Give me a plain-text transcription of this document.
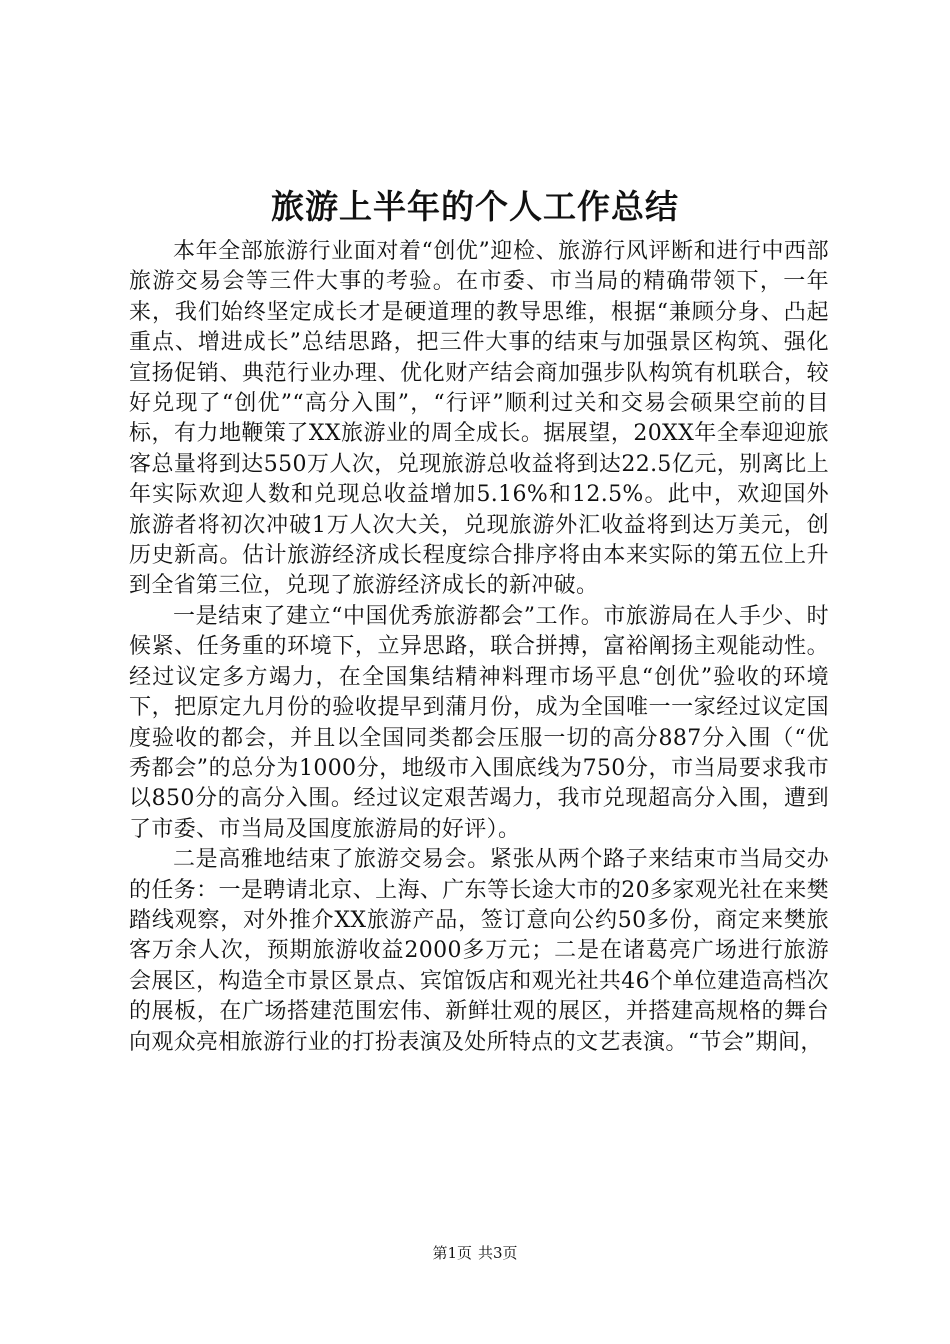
旅游上半年的个人工作总结

本年全部旅游行业面对着“创优”迎检、旅游行风评断和进行中西部旅游交易会等三件大事的考验。在市委、市当局的精确带领下，一年来，我们始终坚定成长才是硬道理的教导思维，根据“兼顾分身、凸起重点、增进成长”总结思路，把三件大事的结束与加强景区构筑、强化宣扬促销、典范行业办理、优化财产结会商加强步队构筑有机联合，较好兑现了“创优”“高分入围”，“行评”顺利过关和交易会硕果空前的目标，有力地鞭策了XX旅游业的周全成长。据展望，20XX年全奉迎迎旅客总量将到达550万人次，兑现旅游总收益将到达22.5亿元，别离比上年实际欢迎人数和兑现总收益增加5.16%和12.5%。此中，欢迎国外旅游者将初次冲破1万人次大关，兑现旅游外汇收益将到达万美元，创历史新高。估计旅游经济成长程度综合排序将由本来实际的第五位上升到全省第三位，兑现了旅游经济成长的新冲破。

一是结束了建立“中国优秀旅游都会”工作。市旅游局在人手少、时候紧、任务重的环境下，立异思路，联合拼搏，富裕阐扬主观能动性。经过议定多方竭力，在全国集结精神料理市场平息“创优”验收的环境下，把原定九月份的验收提早到蒲月份，成为全国唯一一家经过议定国度验收的都会，并且以全国同类都会压服一切的高分887分入围（“优秀都会”的总分为1000分，地级市入围底线为750分，市当局要求我市以850分的高分入围。经过议定艰苦竭力，我市兑现超高分入围，遭到了市委、市当局及国度旅游局的好评）。

二是高雅地结束了旅游交易会。紧张从两个路子来结束市当局交办的任务：一是聘请北京、上海、广东等长途大市的20多家观光社在来樊踏线观察，对外推介XX旅游产品，签订意向公约50多份，商定来樊旅客万余人次，预期旅游收益2000多万元；二是在诸葛亮广场进行旅游会展区，构造全市景区景点、宾馆饭店和观光社共46个单位建造高档次的展板，在广场搭建范围宏伟、新鲜壮观的展区，并搭建高规格的舞台向观众亮相旅游行业的打扮表演及处所特点的文艺表演。“节会”期间，

第1页 共3页
